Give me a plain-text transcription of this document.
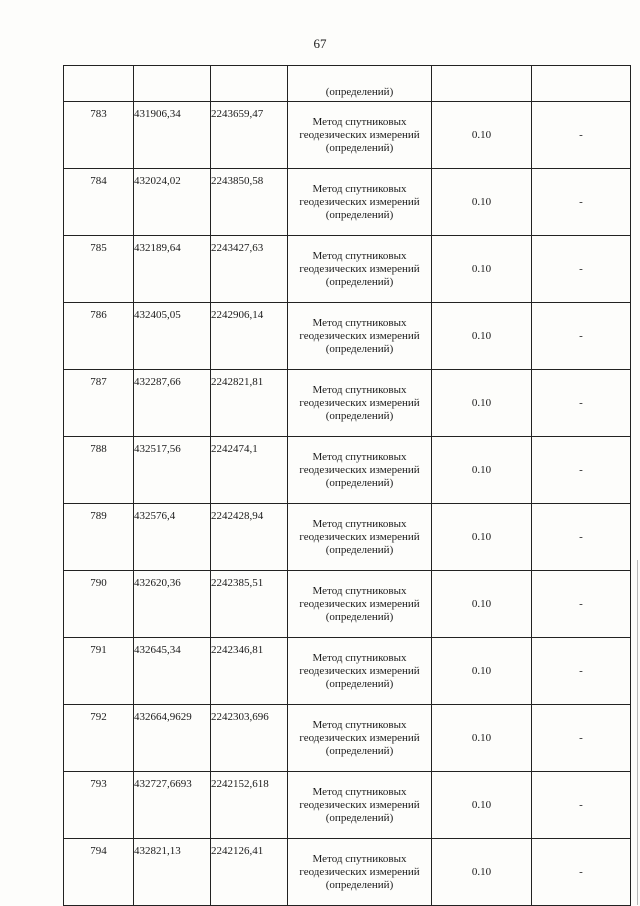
67
			(определений)		
783	431906,34	2243659,47	Метод спутниковых геодезических измерений (определений)	0.10	-
784	432024,02	2243850,58	Метод спутниковых геодезических измерений (определений)	0.10	-
785	432189,64	2243427,63	Метод спутниковых геодезических измерений (определений)	0.10	-
786	432405,05	2242906,14	Метод спутниковых геодезических измерений (определений)	0.10	-
787	432287,66	2242821,81	Метод спутниковых геодезических измерений (определений)	0.10	-
788	432517,56	2242474,1	Метод спутниковых геодезических измерений (определений)	0.10	-
789	432576,4	2242428,94	Метод спутниковых геодезических измерений (определений)	0.10	-
790	432620,36	2242385,51	Метод спутниковых геодезических измерений (определений)	0.10	-
791	432645,34	2242346,81	Метод спутниковых геодезических измерений (определений)	0.10	-
792	432664,9629	2242303,696	Метод спутниковых геодезических измерений (определений)	0.10	-
793	432727,6693	2242152,618	Метод спутниковых геодезических измерений (определений)	0.10	-
794	432821,13	2242126,41	Метод спутниковых геодезических измерений (определений)	0.10	-
